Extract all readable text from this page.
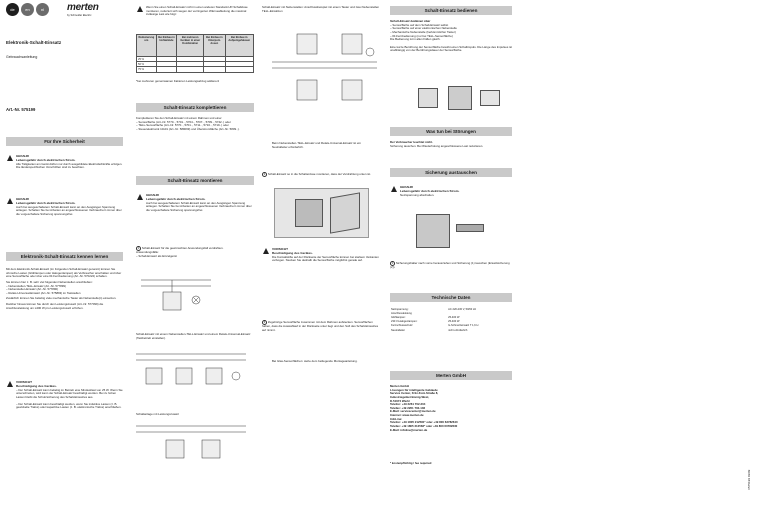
de	en	nl
Elektronik-Schalt-Einsatz
Gebrauchsanleitung
Art.-Nr. 575199
Für Ihre Sicherheit
GEFAHR
Lebensgefahr durch elektrischen Strom.
Alle Tätigkeiten am Gerät dürfen nur durch ausgebildete Elektrofachkräfte erfolgen. Die länderspezifischen Vorschriften sind zu beachten.
GEFAHR
Lebensgefahr durch elektrischen Strom.
Auch bei ausgeschaltetem Schalt-Einsatz kann an den Ausgängen Spannung anliegen. Schalten Sie bei Arbeiten an angeschlossenen Verbrauchern immer über die vorgeschaltete Sicherung spannungsfrei.
Elektronik-Schalt-Einsatz kennen lernen

Mit dem Elektronik-Schalt-Einsatz (im Folgenden Schalt-Einsatz genannt) können Sie ohmsche Lasten (Glühlampen oder Halogenlampen) als Verbraucher anschalten und über eine Sensorfläche oder über eine IR-Fernbedienung (Art.-Nr. 570222) schalten.

Sie können hier z. B. sehr viel folgenden Nebenstellen anschließen:

– Nebenstellen-TELL-Einsatz (Art.-Nr. 577899)
– Nebenstellen-Einsatz (Art.-Nr. 577890)
– Relais-Universal-Einsatz (Art.-Nr. 575893) im Taststellen

Zusätzlich können Sie beliebig viele mechanische Taster als Nebenstelle(n) einsetzen.

Darüber hinaus können Sie durch den Leistungszusatz (Art.-Nr. 577099) die Anschlussleistung um ≥400 W pro Leistungszusatz erhöhen.

VORSICHT
Beschädigung des Gerätes.
– Der Schalt-Einsatz kann beliebig im Betrieb eine Mindestlast von 25 W. Wenn Sie unterschreiten, wird kann der Schalt-Einsatz beschädigt werden. Bei zu hohen Lasten bleibt die Schutzsicherung des Schalt-Einsatzes aus.
– Der Schalt-Einsatz kann beschädigt werden, wenn Sie induktive Lasten (z. B. gewickelte Trafos) oder kapazitive Lasten (z. B. elektronische Trafos) anschließen.
merten
by Schneider Electric
Wenn Sie einen Schalt-Einsatz nicht in einen anderen Standard-UP-Schaltdose montieren, reduziert sich wegen der verringerten Wärmeableitung die maximal zulässige Last wie folgt:
Reduzierung um	Bei Einbau in Hohlwände	Bei mehreren Geräten in einer Kombination	Bei Einbau in Unterputz-dosen	Bei Einbau in Aufputzgehäusen
25 %				
50 %				
75 %				
*bei mehreren gemeinsamen Faktoren Leistungsabzug addieren!
Schalt-Einsatz komplettieren

Komplettieren Sie den Schalt-Einsatz mit einem Rahmen und einer

– Sensorfläche (Art.-Nr. 5770.., 5701.., 5704.., 5707.., 5709.., 5742..) oder
– TELL-Sensorfläche (Art.-Nr. 5770.., 5701.., 5711.., 5716.., 5719..) oder
– Steuerelektronik 10x01 (Art.-Nr. 589099) und Überstromfläche (Art.-Nr. 5809..).
Schalt-Einsatz montieren
GEFAHR
Lebensgefahr durch elektrischen Strom.
Auch bei ausgeschaltetem Schalt-Einsatz kann an den Ausgängen Spannung anliegen. Schalten Sie bei Arbeiten an angeschlossenen Verbrauchern immer über die vorgeschaltete Sicherung spannungsfrei.
1 Schalt-Einsatz für die gewünschten Anwendungsfall verdrahten.
Anwendungsfälle:
– Schalt-Einsatz als Einzelgerät
Schalt-Einsatz mit einem Nebenstellen-TELL-Einsatz und einem Relais-Universal-Einsatz (Tastbetrieb einstellen).
Schaltanlage mit Leistungszusatz
Schalt-Einsatz mit Nebenstellen: Anschlussbeispiel mit einem Taster und zwei Nebenstellen TELL-Einsätzen
Beim Nebenstellen-TELL-Einsatz und Relais-Universal-Einsatz ist ein Neutralleiter erforderlich.
2 Schalt-Einsatz so in die Schalterdose montieren, dass der Verdrahtung unten ist.
VORSICHT
Beschädigung des Gerätes.
Die Kontaktstifte auf der Rückseite der Sensorfläche können bei starkem Verkanten verbogen. Stecken Sie deshalb die Sensorfläche möglichst gerade auf.
3 Zugehörige Sensorfläche zusammen mit dem Rahmen aufstecken. Sensorflächen haben, dass die Auswahlauf in der Rückseite unter liegt und den Soft des Schalt-Einsatzes auf nimmt.
Bei Glas-Sensorflächen: siehe dem beiliegende Montageanleitung.
Schalt-Einsatz bedienen
Schalt-Einsatz bedienen über
– Sensorfläche auf dem Schalt-Einsatz selbst
– Sensorfläche auf einer elektronischen Nebenstelle
– Mechanische Nebenstelle (herkömmlicher Taster)
– IR-Fernbedienung (nur bei TELL-Sensorfläche)

Die Bedienung ist in allen Fällen gleich.

Eine kurze Berührung der Sensorfläche bewirkt einen Schaltimpuls. Die Länge des Impulses ist unabhängig von der Berührungsdauer der Sensorfläche.

Was tun bei Störungen
Der Verbraucher leuchtet nicht.
Sicherung tauschen. Bei Wiederholung angeschlossene Last reduzieren.
Sicherung austauschen
GEFAHR
Lebensgefahr durch elektrischen Strom.
Netzspannung abschalten.
1 Sicherungshalter nach vorne herausziehen und Sicherung (1) tauschen (Ersatzsicherung (2)).
Technische Daten
Netzspannung:	AC 220-230 V, 50/60 Hz
Anschlussleistung	
Glühlampen:	25-400 W
230 V-Halogenlampen:	25-400 W
Kurzschlussschutz:	G-Schmelzeinsatz T 1,6 H
Neutralleiter	nicht erforderlich
Merten GmbH
Merten GmbH
Lösungen für intelligente Gebäude
Service Center, Fritz-Kotz-Straße 8,
Industriegebiet Bomig-West,
D-51674 Wiehl
Telefon: +49 2261 702-204
Telefax: +49 2261 702-136
E-Mail: servicecenter@merten.de
Internet: www.merten.de
InfoLine:
Telefon: +49 1805 212581* oder +49 800 63782640
Telefax: +49 1805 212582* oder +49 800 63782630
E-Mail: infoline@merten.de
* kostenpflichtig / fee required
V575199 03/09
